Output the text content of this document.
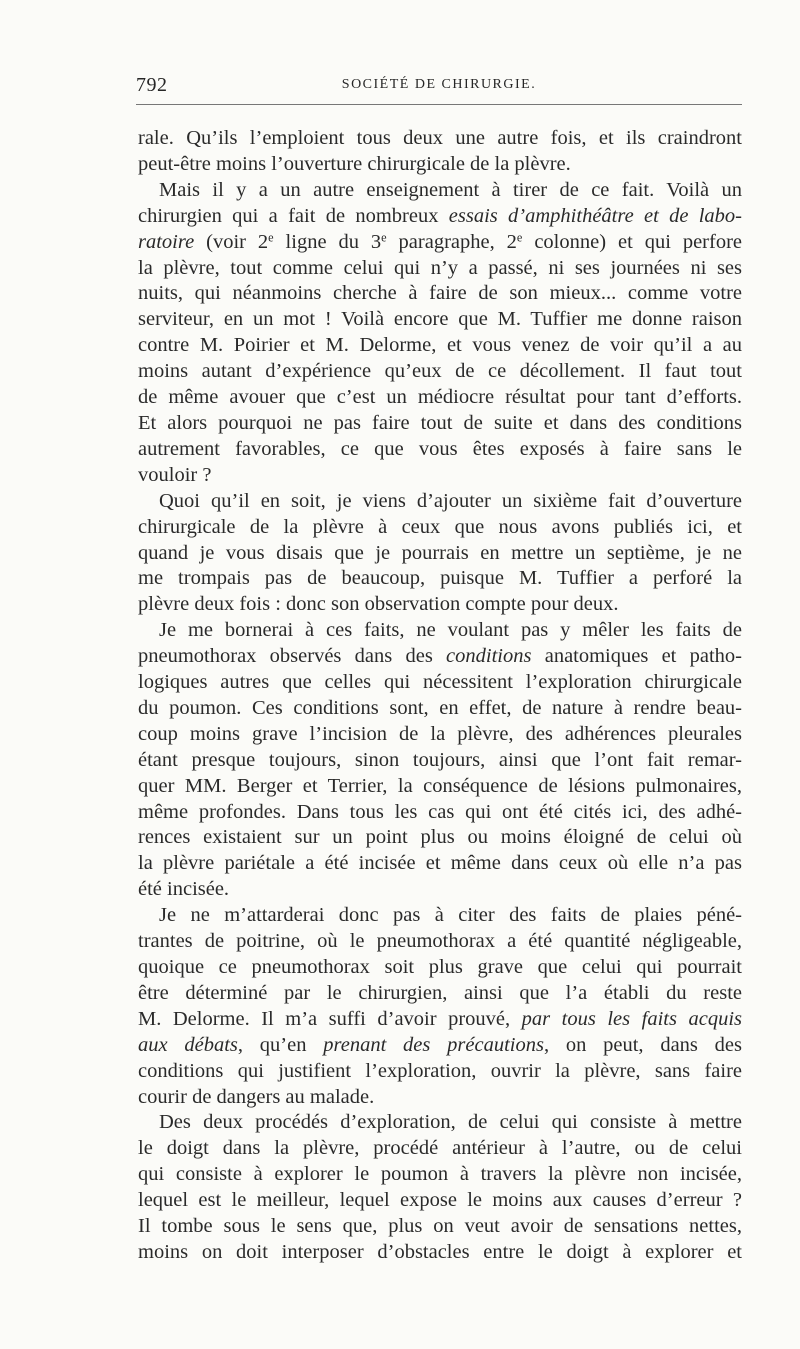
792	SOCIÉTÉ DE CHIRURGIE.
rale. Qu’ils l’emploient tous deux une autre fois, et ils craindront
peut-être moins l’ouverture chirurgicale de la plèvre.
Mais il y a un autre enseignement à tirer de ce fait. Voilà un
chirurgien qui a fait de nombreux essais d’amphithéâtre et de labo-
ratoire (voir 2e ligne du 3e paragraphe, 2e colonne) et qui perfore
la plèvre, tout comme celui qui n’y a passé, ni ses journées ni ses
nuits, qui néanmoins cherche à faire de son mieux... comme votre
serviteur, en un mot ! Voilà encore que M. Tuffier me donne raison
contre M. Poirier et M. Delorme, et vous venez de voir qu’il a au
moins autant d’expérience qu’eux de ce décollement. Il faut tout
de même avouer que c’est un médiocre résultat pour tant d’efforts.
Et alors pourquoi ne pas faire tout de suite et dans des conditions
autrement favorables, ce que vous êtes exposés à faire sans le
vouloir ?
Quoi qu’il en soit, je viens d’ajouter un sixième fait d’ouverture
chirurgicale de la plèvre à ceux que nous avons publiés ici, et
quand je vous disais que je pourrais en mettre un septième, je ne
me trompais pas de beaucoup, puisque M. Tuffier a perforé la
plèvre deux fois : donc son observation compte pour deux.
Je me bornerai à ces faits, ne voulant pas y mêler les faits de
pneumothorax observés dans des conditions anatomiques et patho-
logiques autres que celles qui nécessitent l’exploration chirurgicale
du poumon. Ces conditions sont, en effet, de nature à rendre beau-
coup moins grave l’incision de la plèvre, des adhérences pleurales
étant presque toujours, sinon toujours, ainsi que l’ont fait remar-
quer MM. Berger et Terrier, la conséquence de lésions pulmonaires,
même profondes. Dans tous les cas qui ont été cités ici, des adhé-
rences existaient sur un point plus ou moins éloigné de celui où
la plèvre pariétale a été incisée et même dans ceux où elle n’a pas
été incisée.
Je ne m’attarderai donc pas à citer des faits de plaies péné-
trantes de poitrine, où le pneumothorax a été quantité négligeable,
quoique ce pneumothorax soit plus grave que celui qui pourrait
être déterminé par le chirurgien, ainsi que l’a établi du reste
M. Delorme. Il m’a suffi d’avoir prouvé, par tous les faits acquis
aux débats, qu’en prenant des précautions, on peut, dans des
conditions qui justifient l’exploration, ouvrir la plèvre, sans faire
courir de dangers au malade.
Des deux procédés d’exploration, de celui qui consiste à mettre
le doigt dans la plèvre, procédé antérieur à l’autre, ou de celui
qui consiste à explorer le poumon à travers la plèvre non incisée,
lequel est le meilleur, lequel expose le moins aux causes d’erreur ?
Il tombe sous le sens que, plus on veut avoir de sensations nettes,
moins on doit interposer d’obstacles entre le doigt à explorer et
